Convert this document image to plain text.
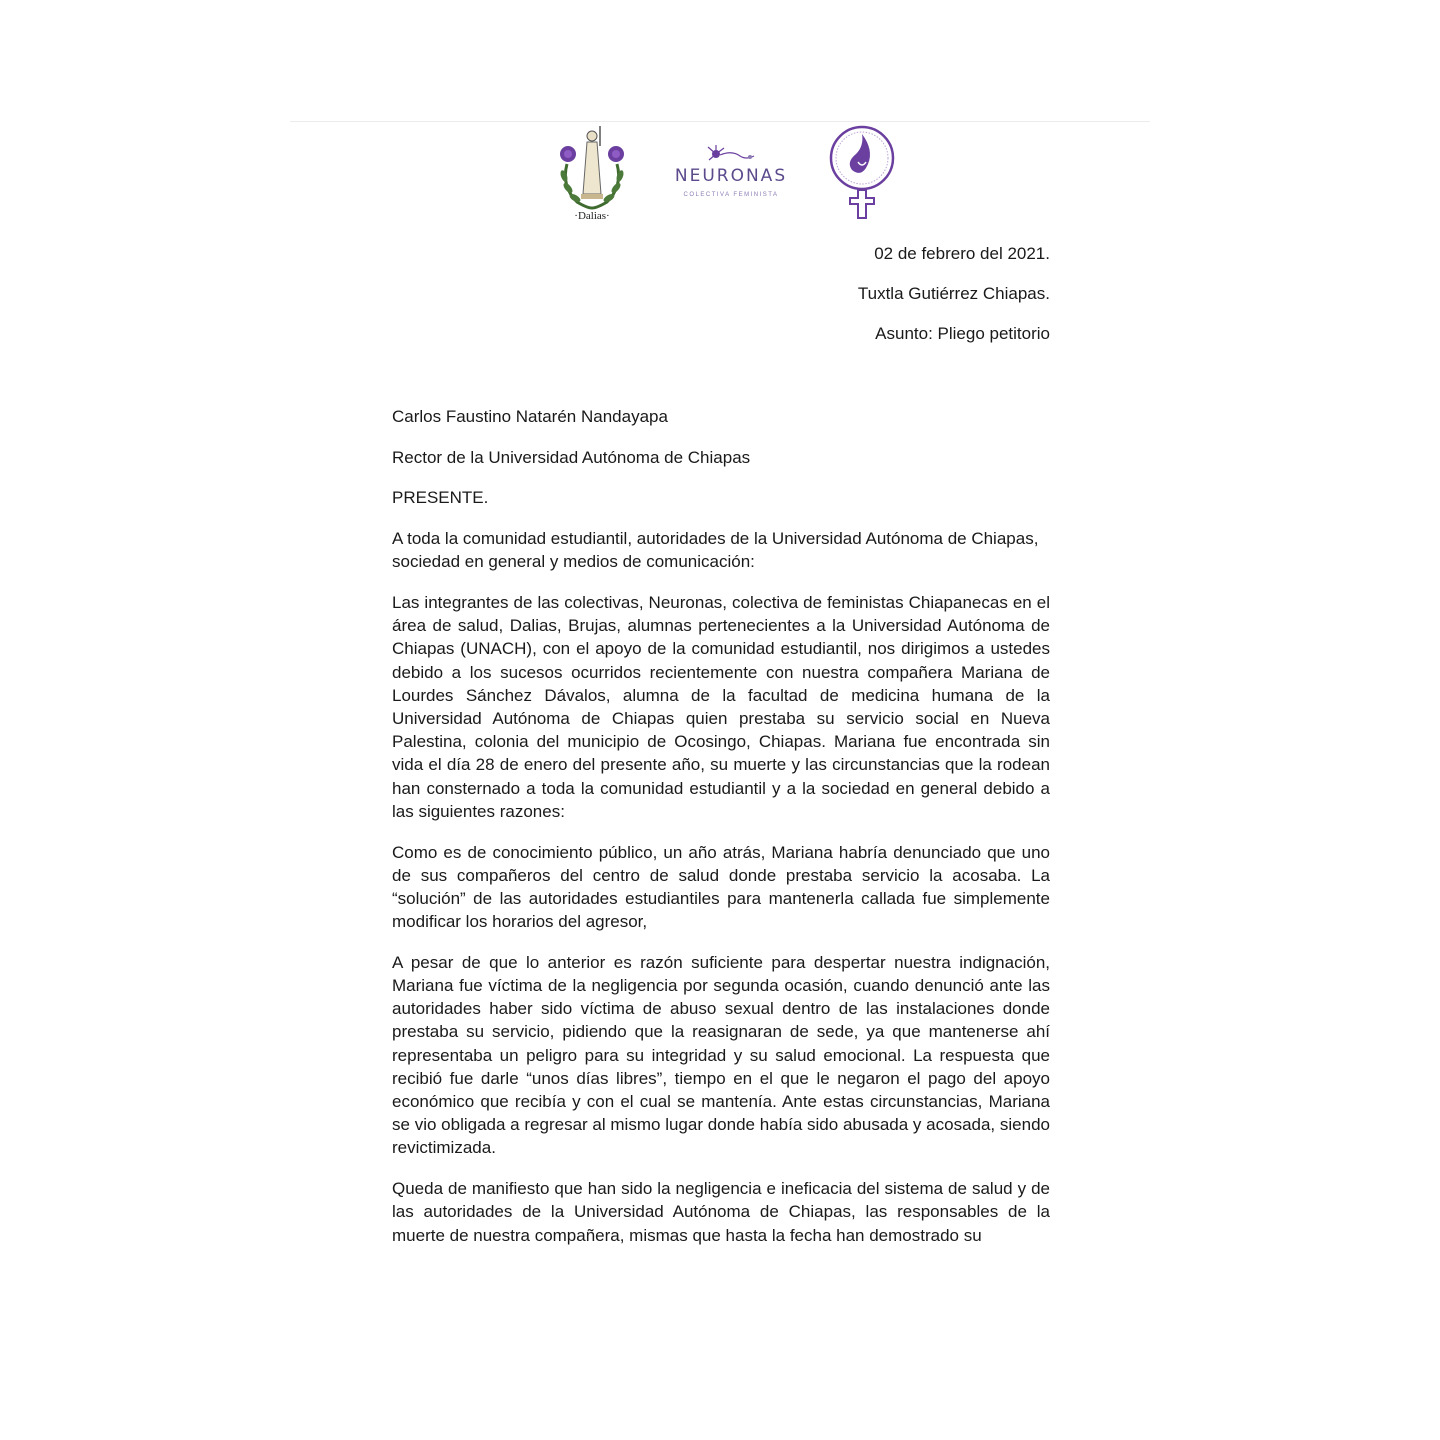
·Dalias·
NEURONAS
COLECTIVA FEMINISTA
02 de febrero del 2021.
Tuxtla Gutiérrez Chiapas.
Asunto: Pliego petitorio

Carlos Faustino Natarén Nandayapa

Rector de la Universidad Autónoma de Chiapas

PRESENTE.

A toda la comunidad estudiantil, autoridades de la Universidad Autónoma de Chiapas, sociedad en general y medios de comunicación:

Las integrantes de las colectivas, Neuronas, colectiva de feministas Chiapanecas en el área de salud, Dalias, Brujas, alumnas pertenecientes a la Universidad Autónoma de Chiapas (UNACH), con el apoyo de la comunidad estudiantil, nos dirigimos a ustedes debido a los sucesos ocurridos recientemente con nuestra compañera Mariana de Lourdes Sánchez Dávalos, alumna de la facultad de medicina humana de la Universidad Autónoma de Chiapas quien prestaba su servicio social en Nueva Palestina, colonia del municipio de Ocosingo, Chiapas. Mariana fue encontrada sin vida el día 28 de enero del presente año, su muerte y las circunstancias que la rodean han consternado a toda la comunidad estudiantil y a la sociedad en general debido a las siguientes razones:

Como es de conocimiento público, un año atrás, Mariana habría denunciado que uno de sus compañeros del centro de salud donde prestaba servicio la acosaba. La “solución” de las autoridades estudiantiles para mantenerla callada fue simplemente modificar los horarios del agresor,

A pesar de que lo anterior es razón suficiente para despertar nuestra indignación, Mariana fue víctima de la negligencia por segunda ocasión, cuando denunció ante las autoridades haber sido víctima de abuso sexual dentro de las instalaciones donde prestaba su servicio, pidiendo que la reasignaran de sede, ya que mantenerse ahí representaba un peligro para su integridad y su salud emocional. La respuesta que recibió fue darle “unos días libres”, tiempo en el que le negaron el pago del apoyo económico que recibía y con el cual se mantenía. Ante estas circunstancias, Mariana se vio obligada a regresar al mismo lugar donde había sido abusada y acosada, siendo revictimizada.

Queda de manifiesto que han sido la negligencia e ineficacia del sistema de salud y de las autoridades de la Universidad Autónoma de Chiapas, las responsables de la muerte de nuestra compañera, mismas que hasta la fecha han demostrado su
